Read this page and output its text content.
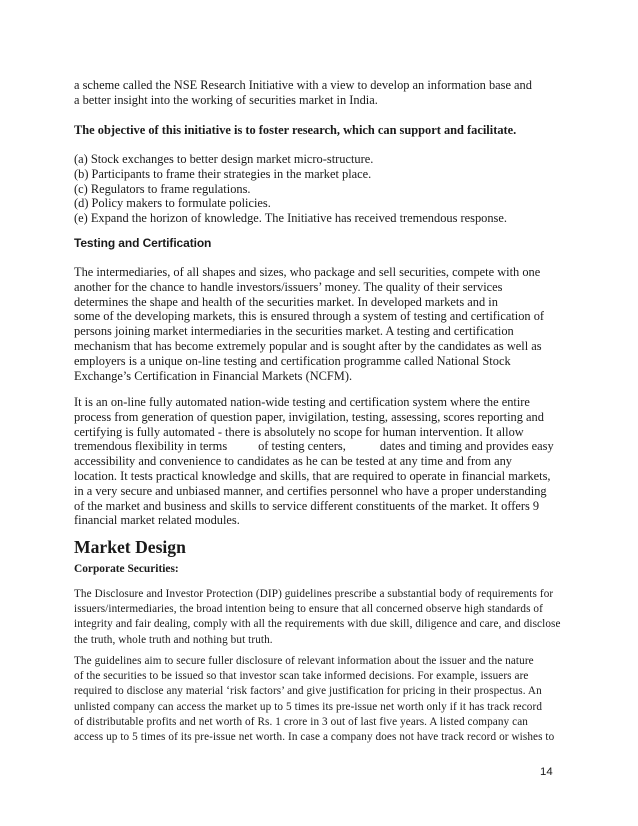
a scheme called the NSE Research Initiative with a view to develop an information base and
a better insight into the working of securities market in India.
The objective of this initiative is to foster research, which can support and facilitate.
(a) Stock exchanges to better design market micro-structure.
(b) Participants to frame their strategies in the market place.
(c) Regulators to frame regulations.
(d) Policy makers to formulate policies.
(e) Expand the horizon of knowledge. The Initiative has received tremendous response.
Testing and Certification
The intermediaries, of all shapes and sizes, who package and sell securities, compete with one
another for the chance to handle investors/issuers’ money. The quality of their services
determines the shape and health of the securities market. In developed markets and in
some of the developing markets, this is ensured through a system of testing and certification of
persons joining market intermediaries in the securities market. A testing and certification
mechanism that has become extremely popular and is sought after by the candidates as well as
employers is a unique on-line testing and certification programme called National Stock
Exchange’s Certification in Financial Markets (NCFM).
It is an on-line fully automated nation-wide testing and certification system where the entire
process from generation of question paper, invigilation, testing, assessing, scores reporting and
certifying is fully automated - there is absolutely no scope for human intervention. It allow
tremendous flexibility in terms          of testing centers,           dates and timing and provides easy
accessibility and convenience to candidates as he can be tested at any time and from any
location. It tests practical knowledge and skills, that are required to operate in financial markets,
in a very secure and unbiased manner, and certifies personnel who have a proper understanding
of the market and business and skills to service different constituents of the market. It offers 9
financial market related modules.
Market Design
Corporate Securities:
The Disclosure and Investor Protection (DIP) guidelines prescribe a substantial body of requirements for
issuers/intermediaries, the broad intention being to ensure that all concerned observe high standards of
integrity and fair dealing, comply with all the requirements with due skill, diligence and care, and disclose
the truth, whole truth and nothing but truth.
The guidelines aim to secure fuller disclosure of relevant information about the issuer and the nature
of the securities to be issued so that investor scan take informed decisions. For example, issuers are
required to disclose any material ‘risk factors’ and give justification for pricing in their prospectus. An
unlisted company can access the market up to 5 times its pre-issue net worth only if it has track record
of distributable profits and net worth of Rs. 1 crore in 3 out of last five years. A listed company can
access up to 5 times of its pre-issue net worth. In case a company does not have track record or wishes to
14
